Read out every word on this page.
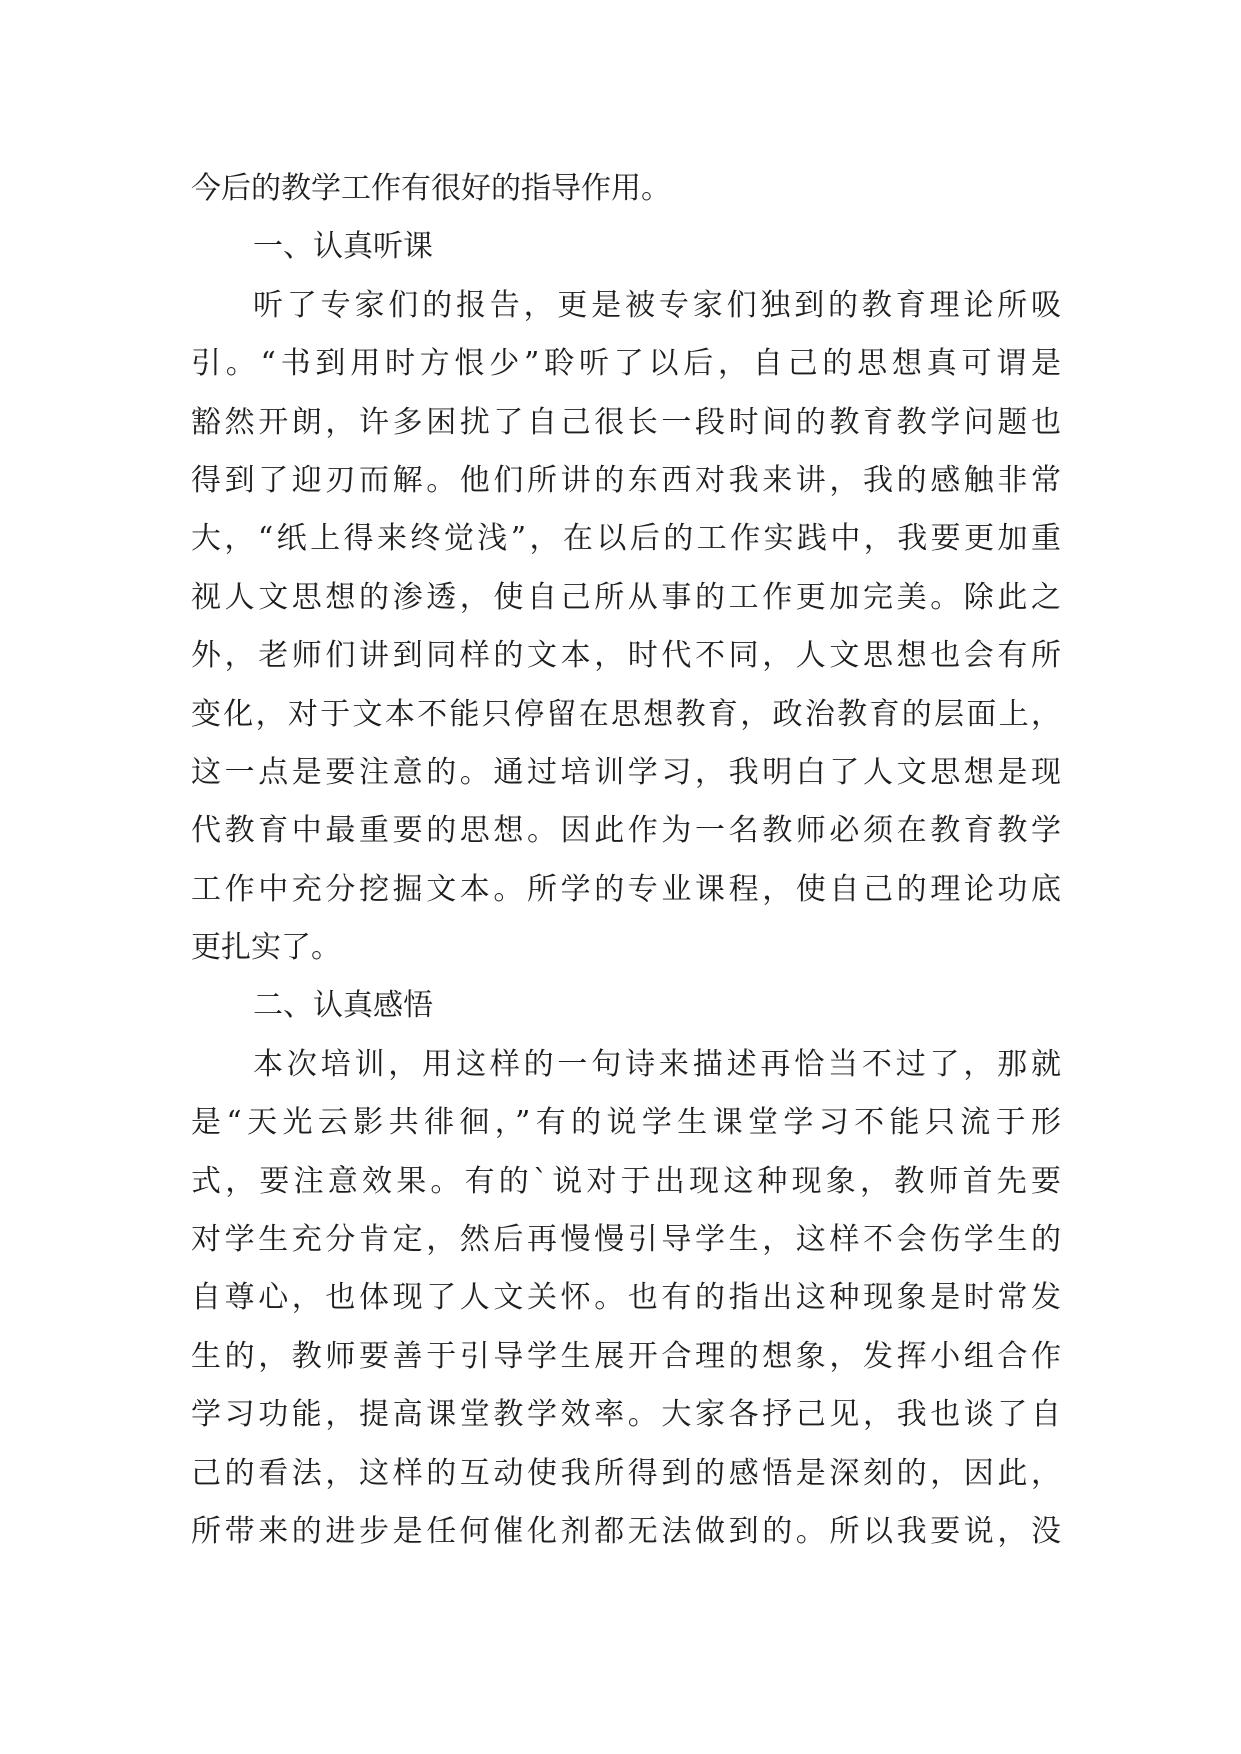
今后的教学工作有很好的指导作用。
一、认真听课
听了专家们的报告，更是被专家们独到的教育理论所吸
引。“书到用时方恨少”聆听了以后，自己的思想真可谓是
豁然开朗，许多困扰了自己很长一段时间的教育教学问题也
得到了迎刃而解。他们所讲的东西对我来讲，我的感触非常
大，“纸上得来终觉浅”，在以后的工作实践中，我要更加重
视人文思想的渗透，使自己所从事的工作更加完美。除此之
外，老师们讲到同样的文本，时代不同，人文思想也会有所
变化，对于文本不能只停留在思想教育，政治教育的层面上，
这一点是要注意的。通过培训学习，我明白了人文思想是现
代教育中最重要的思想。因此作为一名教师必须在教育教学
工作中充分挖掘文本。所学的专业课程，使自己的理论功底
更扎实了。
二、认真感悟
本次培训，用这样的一句诗来描述再恰当不过了，那就
是“天光云影共徘徊，”有的说学生课堂学习不能只流于形
式，要注意效果。有的`说对于出现这种现象，教师首先要
对学生充分肯定，然后再慢慢引导学生，这样不会伤学生的
自尊心，也体现了人文关怀。也有的指出这种现象是时常发
生的，教师要善于引导学生展开合理的想象，发挥小组合作
学习功能，提高课堂教学效率。大家各抒己见，我也谈了自
己的看法，这样的互动使我所得到的感悟是深刻的，因此，
所带来的进步是任何催化剂都无法做到的。所以我要说，没
